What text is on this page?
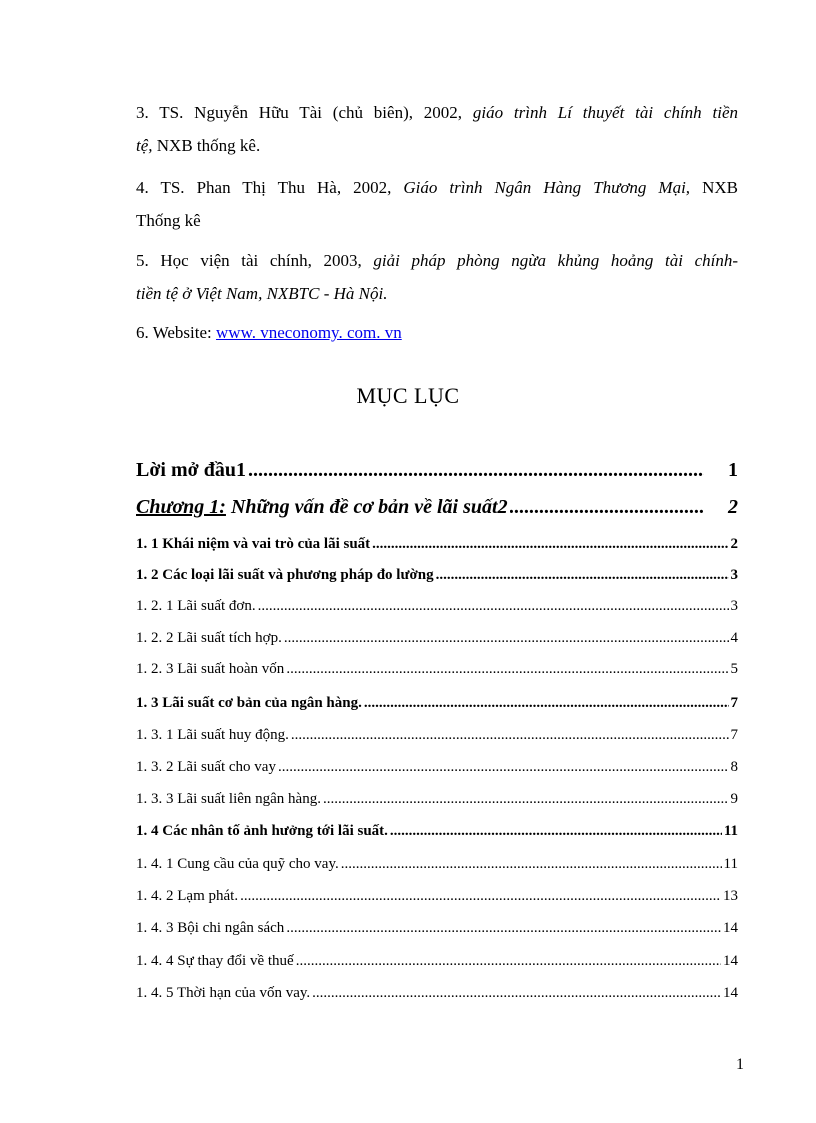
3. TS. Nguyễn Hữu Tài (chủ biên), 2002, giáo trình Lí thuyết tài chính tiền
tệ, NXB thống kê.
4. TS. Phan Thị Thu Hà, 2002, Giáo trình Ngân Hàng Thương Mại, NXB
Thống kê
5. Học viện tài chính, 2003, giải pháp phòng ngừa khủng hoảng tài chính-
tiền tệ ở Việt Nam, NXBTC - Hà Nội.
6. Website: www. vneconomy. com. vn
MỤC LỤC
Lời mở đầu1 .....	1
Chương 1: Những vấn đề cơ bản về lãi suất2 .....	2
1. 1 Khái niệm và vai trò của lãi suất .....	2
1. 2 Các loại lãi suất và phương pháp đo lường .....	3
1. 2. 1 Lãi suất đơn. .....	3
1. 2. 2 Lãi suất tích hợp. .....	4
1. 2. 3 Lãi suất hoàn vốn .....	5
1. 3 Lãi suất cơ bản của ngân hàng. .....	7
1. 3. 1 Lãi suất huy động. .....	7
1. 3. 2 Lãi suất cho vay .....	8
1. 3. 3 Lãi suất liên ngân hàng. .....	9
1. 4 Các nhân tố ảnh hưởng tới lãi suất. .....	11
1. 4. 1 Cung cầu của quỹ cho vay. .....	11
1. 4. 2 Lạm phát. .....	13
1. 4. 3 Bội chi ngân sách .....	14
1. 4. 4 Sự thay đổi về thuế .....	14
1. 4. 5 Thời hạn của vốn vay. .....	14
1
